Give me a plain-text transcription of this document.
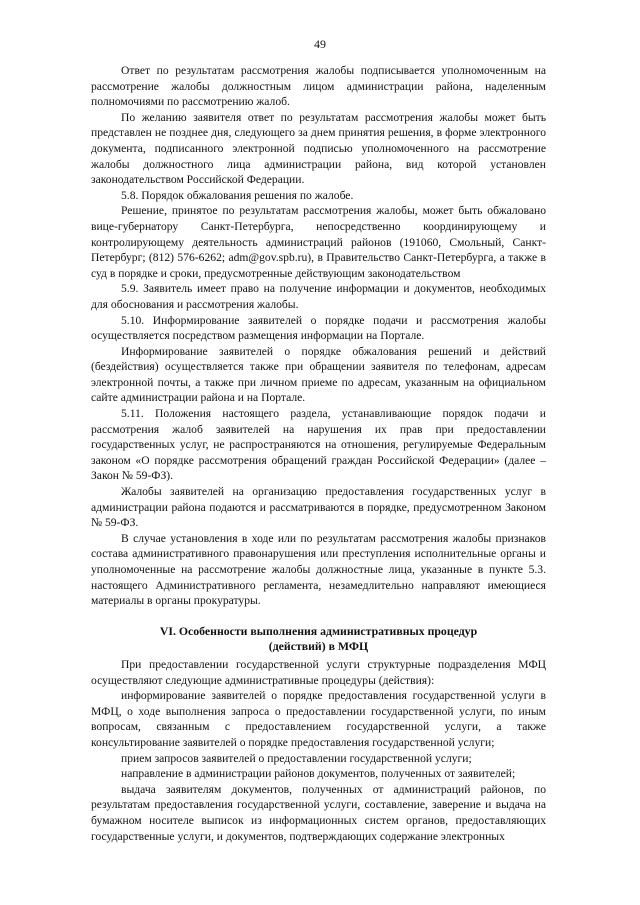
49

Ответ по результатам рассмотрения жалобы подписывается уполномоченным на рассмотрение жалобы должностным лицом администрации района, наделенным полномочиями по рассмотрению жалоб.

По желанию заявителя ответ по результатам рассмотрения жалобы может быть представлен не позднее дня, следующего за днем принятия решения, в форме электронного документа, подписанного электронной подписью уполномоченного на рассмотрение жалобы должностного лица администрации района, вид которой установлен законодательством Российской Федерации.

5.8. Порядок обжалования решения по жалобе.

Решение, принятое по результатам рассмотрения жалобы, может быть обжаловано вице-губернатору Санкт-Петербурга, непосредственно координирующему и контролирующему деятельность администраций районов (191060, Смольный, Санкт-Петербург; (812) 576-6262; adm@gov.spb.ru), в Правительство Санкт-Петербурга, а также в суд в порядке и сроки, предусмотренные действующим законодательством

5.9. Заявитель имеет право на получение информации и документов, необходимых для обоснования и рассмотрения жалобы.

5.10. Информирование заявителей о порядке подачи и рассмотрения жалобы осуществляется посредством размещения информации на Портале.

Информирование заявителей о порядке обжалования решений и действий (бездействия) осуществляется также при обращении заявителя по телефонам, адресам электронной почты, а также при личном приеме по адресам, указанным на официальном сайте администрации района и на Портале.

5.11. Положения настоящего раздела, устанавливающие порядок подачи и рассмотрения жалоб заявителей на нарушения их прав при предоставлении государственных услуг, не распространяются на отношения, регулируемые Федеральным законом «О порядке рассмотрения обращений граждан Российской Федерации» (далее – Закон № 59-ФЗ).

Жалобы заявителей на организацию предоставления государственных услуг в администрации района подаются и рассматриваются в порядке, предусмотренном Законом № 59-ФЗ.

В случае установления в ходе или по результатам рассмотрения жалобы признаков состава административного правонарушения или преступления исполнительные органы и уполномоченные на рассмотрение жалобы должностные лица, указанные в пункте 5.3. настоящего Административного регламента, незамедлительно направляют имеющиеся материалы в органы прокуратуры.

VI. Особенности выполнения административных процедур
(действий) в МФЦ

При предоставлении государственной услуги структурные подразделения МФЦ осуществляют следующие административные процедуры (действия):

информирование заявителей о порядке предоставления государственной услуги в МФЦ, о ходе выполнения запроса о предоставлении государственной услуги, по иным вопросам, связанным с предоставлением государственной услуги, а также консультирование заявителей о порядке предоставления государственной услуги;

прием запросов заявителей о предоставлении государственной услуги;

направление в администрации районов документов, полученных от заявителей;

выдача заявителям документов, полученных от администраций районов, по результатам предоставления государственной услуги, составление, заверение и выдача на бумажном носителе выписок из информационных систем органов, предоставляющих государственные услуги, и документов, подтверждающих содержание электронных
